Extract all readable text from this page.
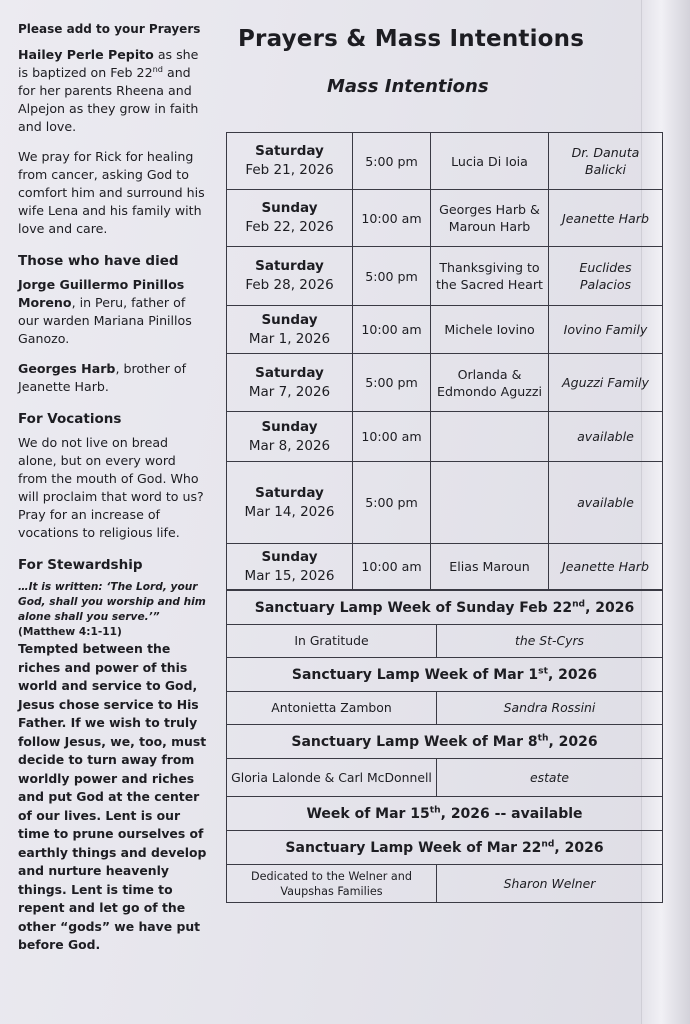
Please add to your Prayers

Hailey Perle Pepito as she is baptized on Feb 22nd and for her parents Rheena and Alpejon as they grow in faith and love.

We pray for Rick for healing from cancer, asking God to comfort him and surround his wife Lena and his family with love and care.

Those who have died

Jorge Guillermo Pinillos Moreno, in Peru, father of our warden Mariana Pinillos Ganozo.

Georges Harb, brother of Jeanette Harb.

For Vocations

We do not live on bread alone, but on every word from the mouth of God. Who will proclaim that word to us? Pray for an increase of vocations to religious life.

For Stewardship

…It is written: ‘The Lord, your God, shall you worship and him alone shall you serve.’”

(Matthew 4:1-11)

Tempted between the riches and power of this world and service to God, Jesus chose service to His Father. If we wish to truly follow Jesus, we, too, must decide to turn away from worldly power and riches and put God at the center of our lives. Lent is our time to prune ourselves of earthly things and develop and nurture heavenly things. Lent is time to repent and let go of the other “gods” we have put before God.

Prayers & Mass Intentions
Mass Intentions
Saturday
Feb 21, 2026	5:00 pm	Lucia Di Ioia	Dr. Danuta Balicki

Sunday
Feb 22, 2026	10:00 am	Georges Harb & Maroun Harb	Jeanette Harb

Saturday
Feb 28, 2026	5:00 pm	Thanksgiving to the Sacred Heart	Euclides Palacios

Sunday
Mar 1, 2026	10:00 am	Michele Iovino	Iovino Family

Saturday
Mar 7, 2026	5:00 pm	Orlanda & Edmondo Aguzzi	Aguzzi Family

Sunday
Mar 8, 2026	10:00 am		available

Saturday
Mar 14, 2026	5:00 pm		available

Sunday
Mar 15, 2026	10:00 am	Elias Maroun	Jeanette Harb
Sanctuary Lamp Week of Sunday Feb 22nd, 2026	
In Gratitude	the St-Cyrs
Sanctuary Lamp Week of Mar 1st, 2026	
Antonietta Zambon	Sandra Rossini
Sanctuary Lamp Week of Mar 8th, 2026	
Gloria Lalonde & Carl McDonnell	estate
Week of Mar 15th, 2026 -- available	
Sanctuary Lamp Week of Mar 22nd, 2026	
Dedicated to the Welner and Vaupshas Families	Sharon Welner
